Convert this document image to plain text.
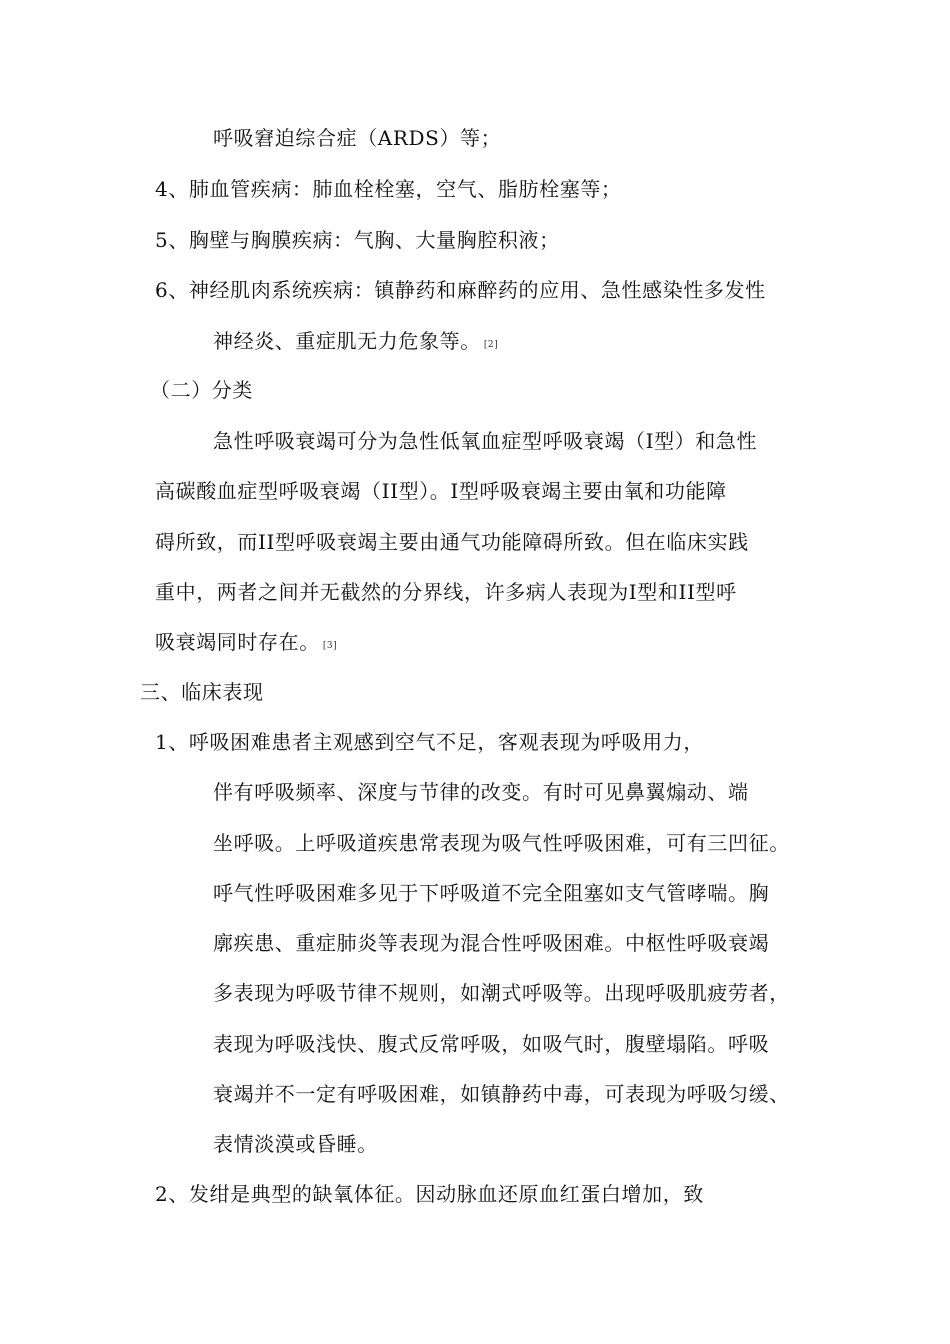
呼吸窘迫综合症（ARDS）等；
4、肺血管疾病：肺血栓栓塞，空气、脂肪栓塞等；
5、胸壁与胸膜疾病：气胸、大量胸腔积液；
6、神经肌肉系统疾病：镇静药和麻醉药的应用、急性感染性多发性
神经炎、重症肌无力危象等。 [2]
（二）分类
急性呼吸衰竭可分为急性低氧血症型呼吸衰竭（I型）和急性
高碳酸血症型呼吸衰竭（II型）。I型呼吸衰竭主要由氧和功能障
碍所致，而II型呼吸衰竭主要由通气功能障碍所致。但在临床实践
重中，两者之间并无截然的分界线，许多病人表现为I型和II型呼
吸衰竭同时存在。 [3]
三、临床表现
1、呼吸困难患者主观感到空气不足，客观表现为呼吸用力，
伴有呼吸频率、深度与节律的改变。有时可见鼻翼煽动、端
坐呼吸。上呼吸道疾患常表现为吸气性呼吸困难，可有三凹征。
呼气性呼吸困难多见于下呼吸道不完全阻塞如支气管哮喘。胸
廓疾患、重症肺炎等表现为混合性呼吸困难。中枢性呼吸衰竭
多表现为呼吸节律不规则，如潮式呼吸等。出现呼吸肌疲劳者，
表现为呼吸浅快、腹式反常呼吸，如吸气时，腹壁塌陷。呼吸
衰竭并不一定有呼吸困难，如镇静药中毒，可表现为呼吸匀缓、
表情淡漠或昏睡。
2、发绀是典型的缺氧体征。因动脉血还原血红蛋白增加，致
